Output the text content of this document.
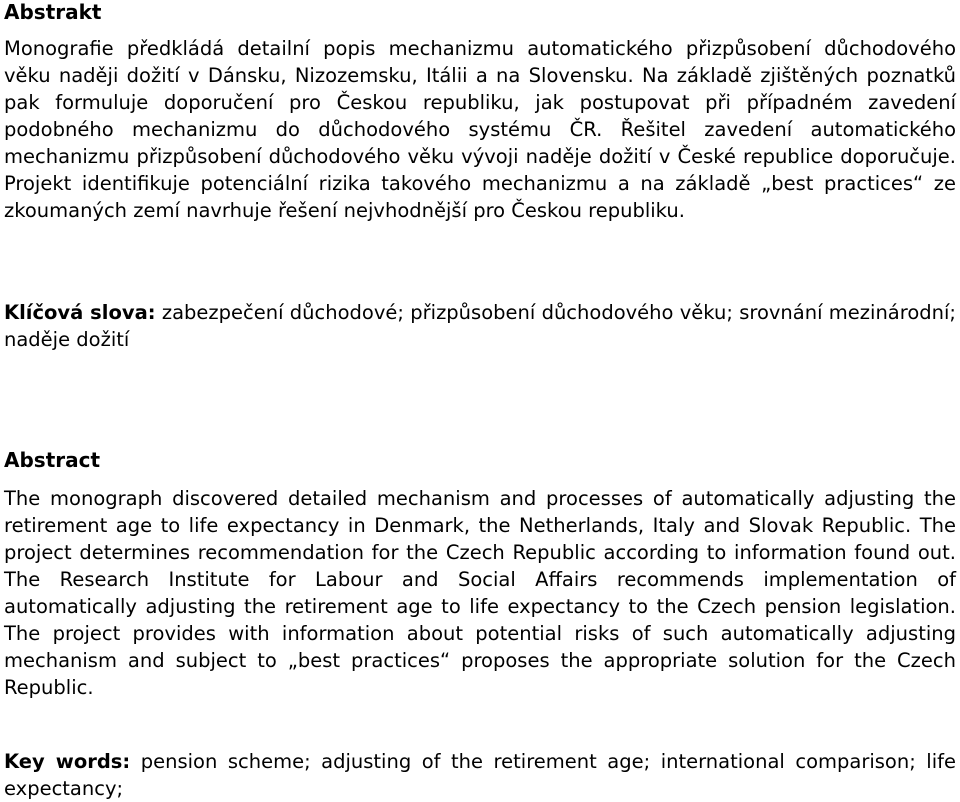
Abstrakt

Monografie předkládá detailní popis mechanizmu automatického přizpůsobení důchodového věku naději dožití v Dánsku, Nizozemsku, Itálii a na Slovensku. Na základě zjištěných poznatků pak formuluje doporučení pro Českou republiku, jak postupovat při případném zavedení podobného mechanizmu do důchodového systému ČR. Řešitel zavedení automatického mechanizmu přizpůsobení důchodového věku vývoji naděje dožití v České republice doporučuje. Projekt identifikuje potenciální rizika takového mechanizmu a na základě „best practices“ ze zkoumaných zemí navrhuje řešení nejvhodnější pro Českou republiku.

Klíčová slova: zabezpečení důchodové; přizpůsobení důchodového věku; srovnání mezinárodní; naděje dožití

Abstract

The monograph discovered detailed mechanism and processes of automatically adjusting the retirement age to life expectancy in Denmark, the Netherlands, Italy and Slovak Republic. The project determines recommendation for the Czech Republic according to information found out. The Research Institute for Labour and Social Affairs recommends implementation of automatically adjusting the retirement age to life expectancy to the Czech pension legislation. The project provides with information about potential risks of such automatically adjusting mechanism and subject to „best practices“ proposes the appropriate solution for the Czech Republic.

Key words: pension scheme; adjusting of the retirement age; international comparison; life expectancy;
